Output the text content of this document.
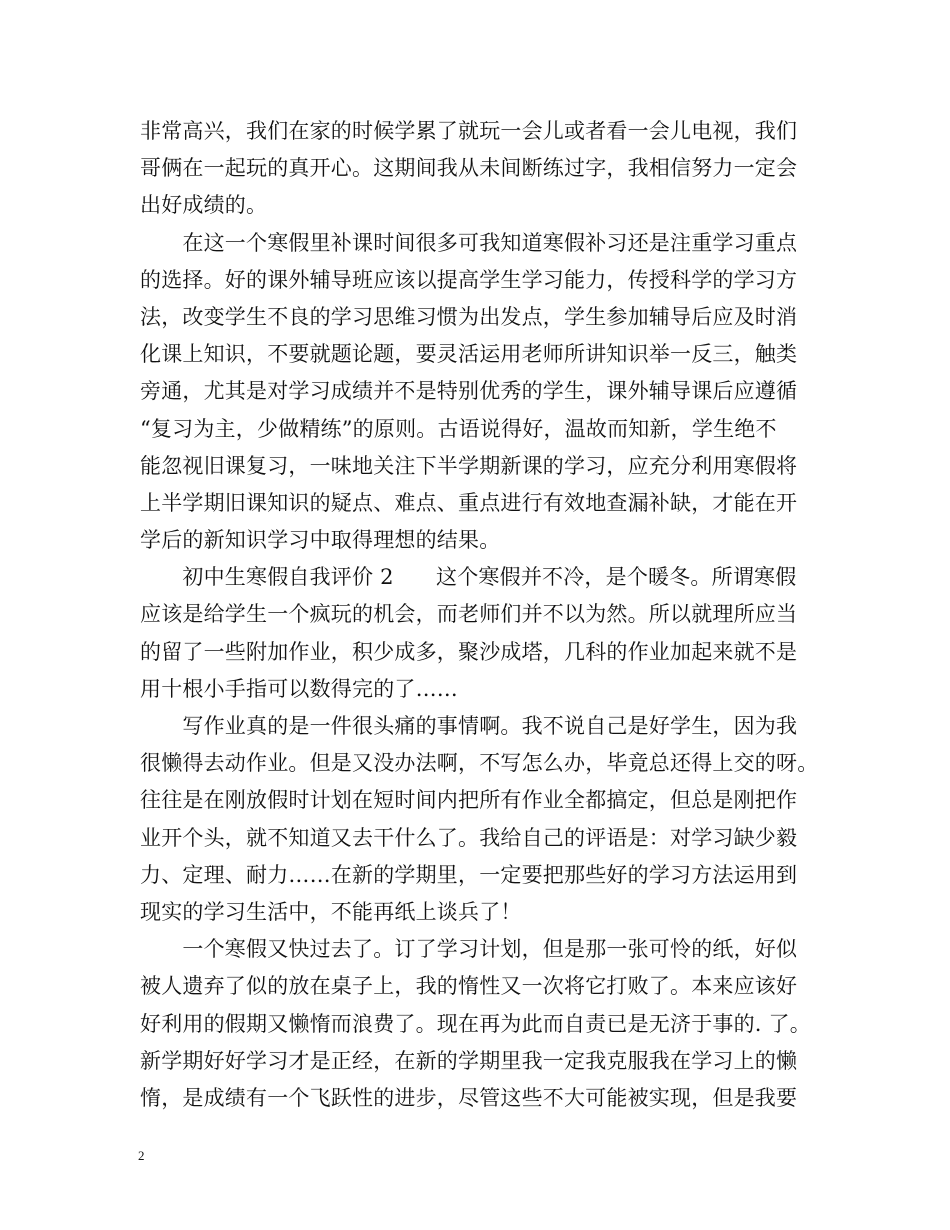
非常高兴，我们在家的时候学累了就玩一会儿或者看一会儿电视，我们
哥俩在一起玩的真开心。这期间我从未间断练过字，我相信努力一定会
出好成绩的。
　　在这一个寒假里补课时间很多可我知道寒假补习还是注重学习重点
的选择。好的课外辅导班应该以提高学生学习能力，传授科学的学习方
法，改变学生不良的学习思维习惯为出发点，学生参加辅导后应及时消
化课上知识，不要就题论题，要灵活运用老师所讲知识举一反三，触类
旁通，尤其是对学习成绩并不是特别优秀的学生，课外辅导课后应遵循
“复习为主，少做精练”的原则。古语说得好，温故而知新，学生绝不
能忽视旧课复习，一味地关注下半学期新课的学习，应充分利用寒假将
上半学期旧课知识的疑点、难点、重点进行有效地查漏补缺，才能在开
学后的新知识学习中取得理想的结果。
　　初中生寒假自我评价 2　　这个寒假并不冷，是个暖冬。所谓寒假
应该是给学生一个疯玩的机会，而老师们并不以为然。所以就理所应当
的留了一些附加作业，积少成多，聚沙成塔，几科的作业加起来就不是
用十根小手指可以数得完的了……
　　写作业真的是一件很头痛的事情啊。我不说自己是好学生，因为我
很懒得去动作业。但是又没办法啊，不写怎么办，毕竟总还得上交的呀。
往往是在刚放假时计划在短时间内把所有作业全都搞定，但总是刚把作
业开个头，就不知道又去干什么了。我给自己的评语是：对学习缺少毅
力、定理、耐力……在新的学期里，一定要把那些好的学习方法运用到
现实的学习生活中，不能再纸上谈兵了！
　　一个寒假又快过去了。订了学习计划，但是那一张可怜的纸，好似
被人遗弃了似的放在桌子上，我的惰性又一次将它打败了。本来应该好
好利用的假期又懒惰而浪费了。现在再为此而自责已是无济于事的. 了。
新学期好好学习才是正经，在新的学期里我一定我克服我在学习上的懒
惰，是成绩有一个飞跃性的进步，尽管这些不大可能被实现，但是我要
2
